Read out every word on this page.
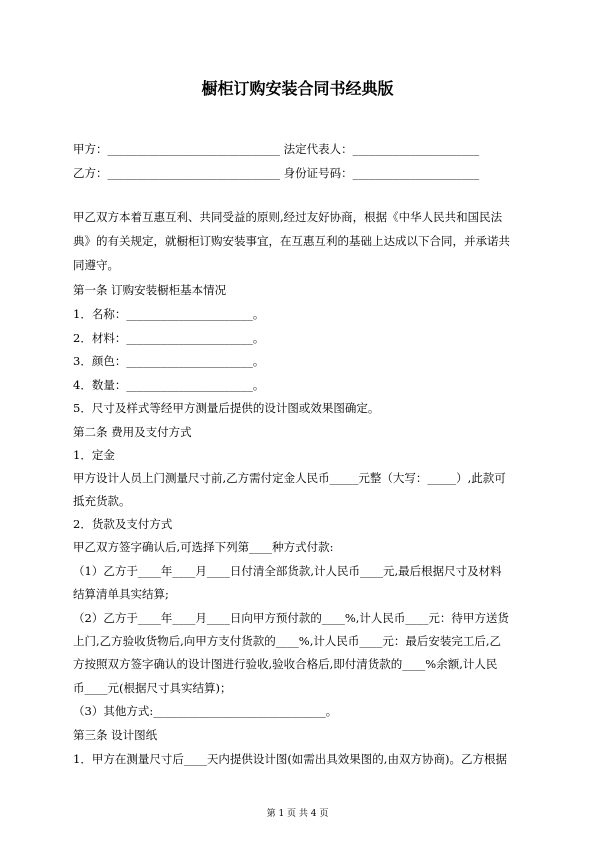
橱柜订购安装合同书经典版
甲方：______________________________ 法定代表人：______________________
乙方：______________________________ 身份证号码：______________________
甲乙双方本着互惠互利、共同受益的原则,经过友好协商，根据《中华人民共和国民法
典》的有关规定，就橱柜订购安装事宜，在互惠互利的基础上达成以下合同，并承诺共
同遵守。
第一条 订购安装橱柜基本情况
1．名称：______________________。
2．材料：______________________。
3．颜色：______________________。
4．数量：______________________。
5．尺寸及样式等经甲方测量后提供的设计图或效果图确定。
第二条 费用及支付方式
1．定金
甲方设计人员上门测量尺寸前,乙方需付定金人民币_____元整（大写：_____）,此款可
抵充货款。
2．货款及支付方式
甲乙双方签字确认后,可选择下列第____种方式付款:
（1）乙方于____年____月____日付清全部货款,计人民币____元,最后根据尺寸及材料
结算清单具实结算;
（2）乙方于____年____月____日向甲方预付款的____%,计人民币____元：待甲方送货
上门,乙方验收货物后,向甲方支付货款的____%,计人民币____元：最后安装完工后,乙
方按照双方签字确认的设计图进行验收,验收合格后,即付清货款的____%余额,计人民
币____元(根据尺寸具实结算)；
（3）其他方式:______________________________。
第三条 设计图纸
1．甲方在测量尺寸后____天内提供设计图(如需出具效果图的,由双方协商)。乙方根据
第 1 页 共 4 页
